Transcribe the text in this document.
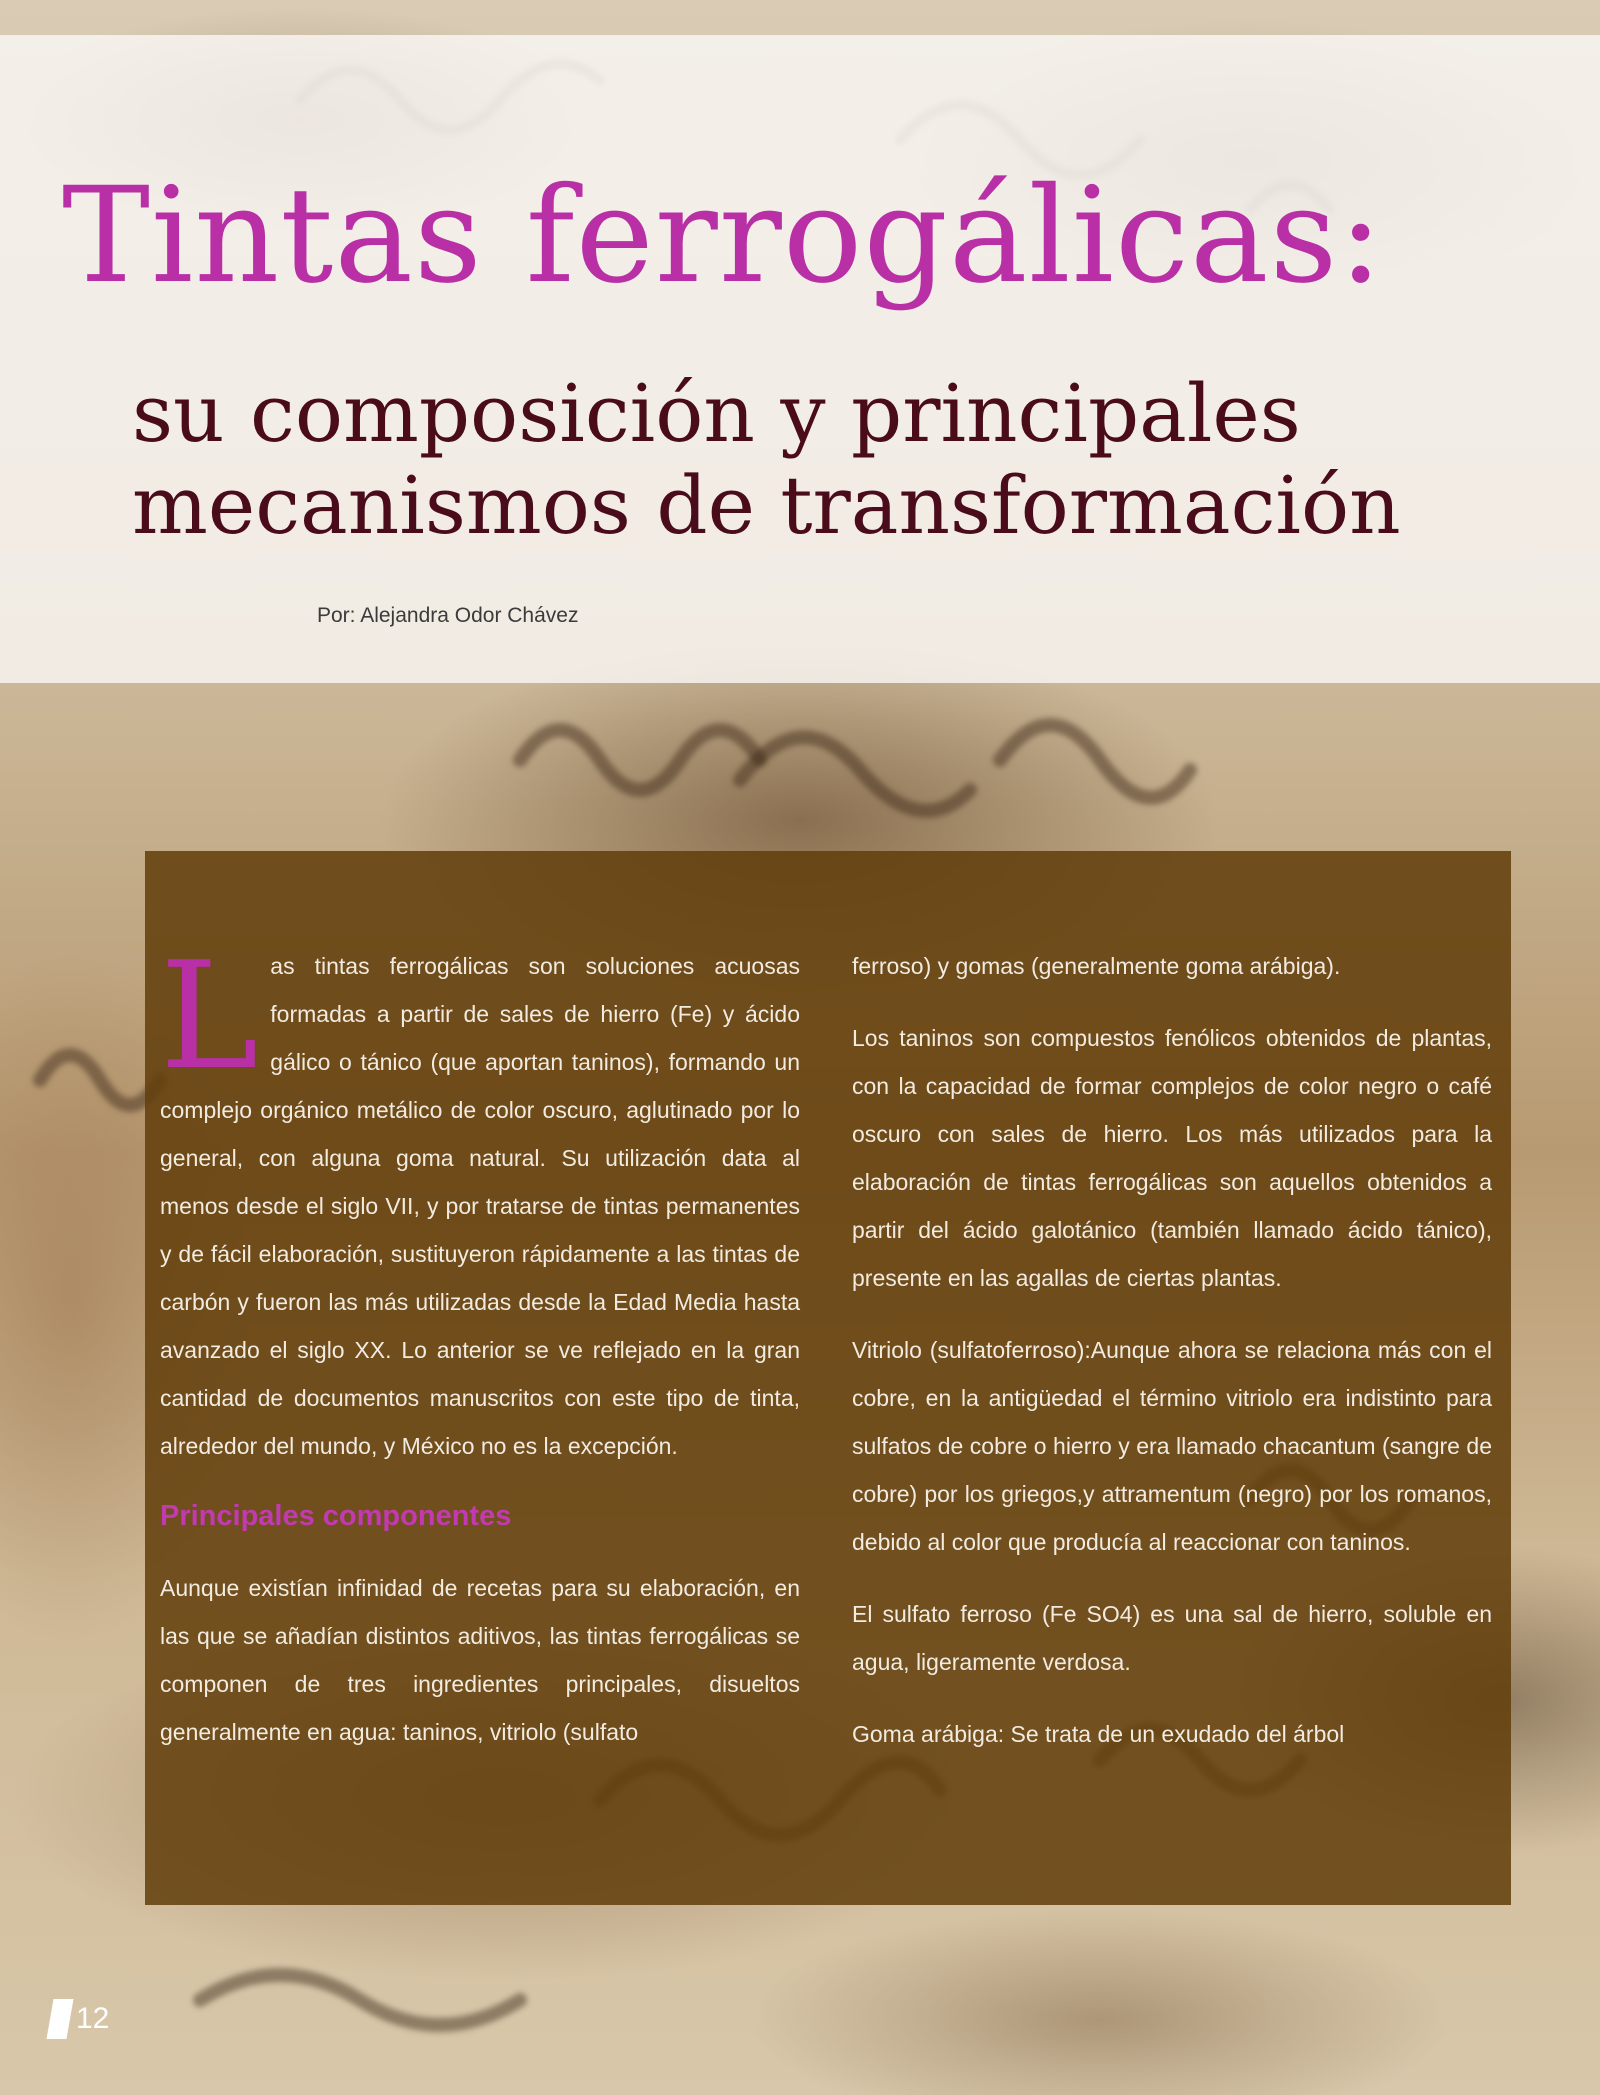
Tintas ferrogálicas:
su composición y principales
mecanismos de transformación
Por: Alejandra Odor Chávez

Las tintas ferrogálicas son soluciones acuosas formadas a partir de sales de hierro (Fe) y ácido gálico o tánico (que aportan taninos), formando un complejo orgánico metálico de color oscuro, aglutinado por lo general, con alguna goma natural. Su utilización data al menos desde el siglo VII, y por tratarse de tintas permanentes y de fácil elaboración, sustituyeron rápidamente a las tintas de carbón y fueron las más utilizadas desde la Edad Media hasta avanzado el siglo XX. Lo anterior se ve reflejado en la gran cantidad de documentos manuscritos con este tipo de tinta, alrededor del mundo, y México no es la excepción.

Principales componentes

Aunque existían infinidad de recetas para su elaboración, en las que se añadían distintos aditivos, las tintas ferrogálicas se componen de tres ingredientes principales, disueltos generalmente en agua: taninos, vitriolo (sulfato

ferroso) y gomas (generalmente goma arábiga).

Los taninos son compuestos fenólicos obtenidos de plantas, con la capacidad de formar complejos de color negro o café oscuro con sales de hierro. Los más utilizados para la elaboración de tintas ferrogálicas son aquellos obtenidos a partir del ácido galotánico (también llamado ácido tánico), presente en las agallas de ciertas plantas.

Vitriolo (sulfatoferroso):Aunque ahora se relaciona más con el cobre, en la antigüedad el término vitriolo era indistinto para sulfatos de cobre o hierro y era llamado chacantum (sangre de cobre) por los griegos,y attramentum (negro) por los romanos, debido al color que producía al reaccionar con taninos.

El sulfato ferroso (Fe SO4) es una sal de hierro, soluble en agua, ligeramente verdosa.

Goma arábiga: Se trata de un exudado del árbol

12
